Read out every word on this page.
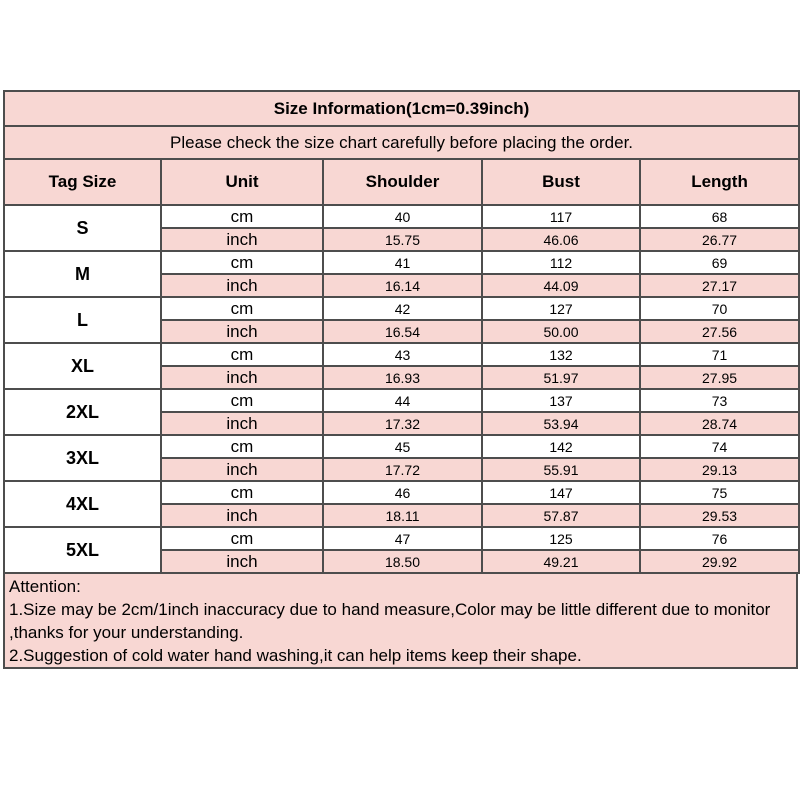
Size Information(1cm=0.39inch)				
Please check the size chart carefully before placing the order.				
Tag Size	Unit	Shoulder	Bust	Length
S	cm	40	117	68
	inch	15.75	46.06	26.77
M	cm	41	112	69
	inch	16.14	44.09	27.17
L	cm	42	127	70
	inch	16.54	50.00	27.56
XL	cm	43	132	71
	inch	16.93	51.97	27.95
2XL	cm	44	137	73
	inch	17.32	53.94	28.74
3XL	cm	45	142	74
	inch	17.72	55.91	29.13
4XL	cm	46	147	75
	inch	18.11	57.87	29.53
5XL	cm	47	125	76
	inch	18.50	49.21	29.92
Attention:
1.Size may be 2cm/1inch inaccuracy due to hand measure,Color may be little different due to monitor
,thanks for your understanding.
2.Suggestion of cold water hand washing,it can help items keep their shape.
